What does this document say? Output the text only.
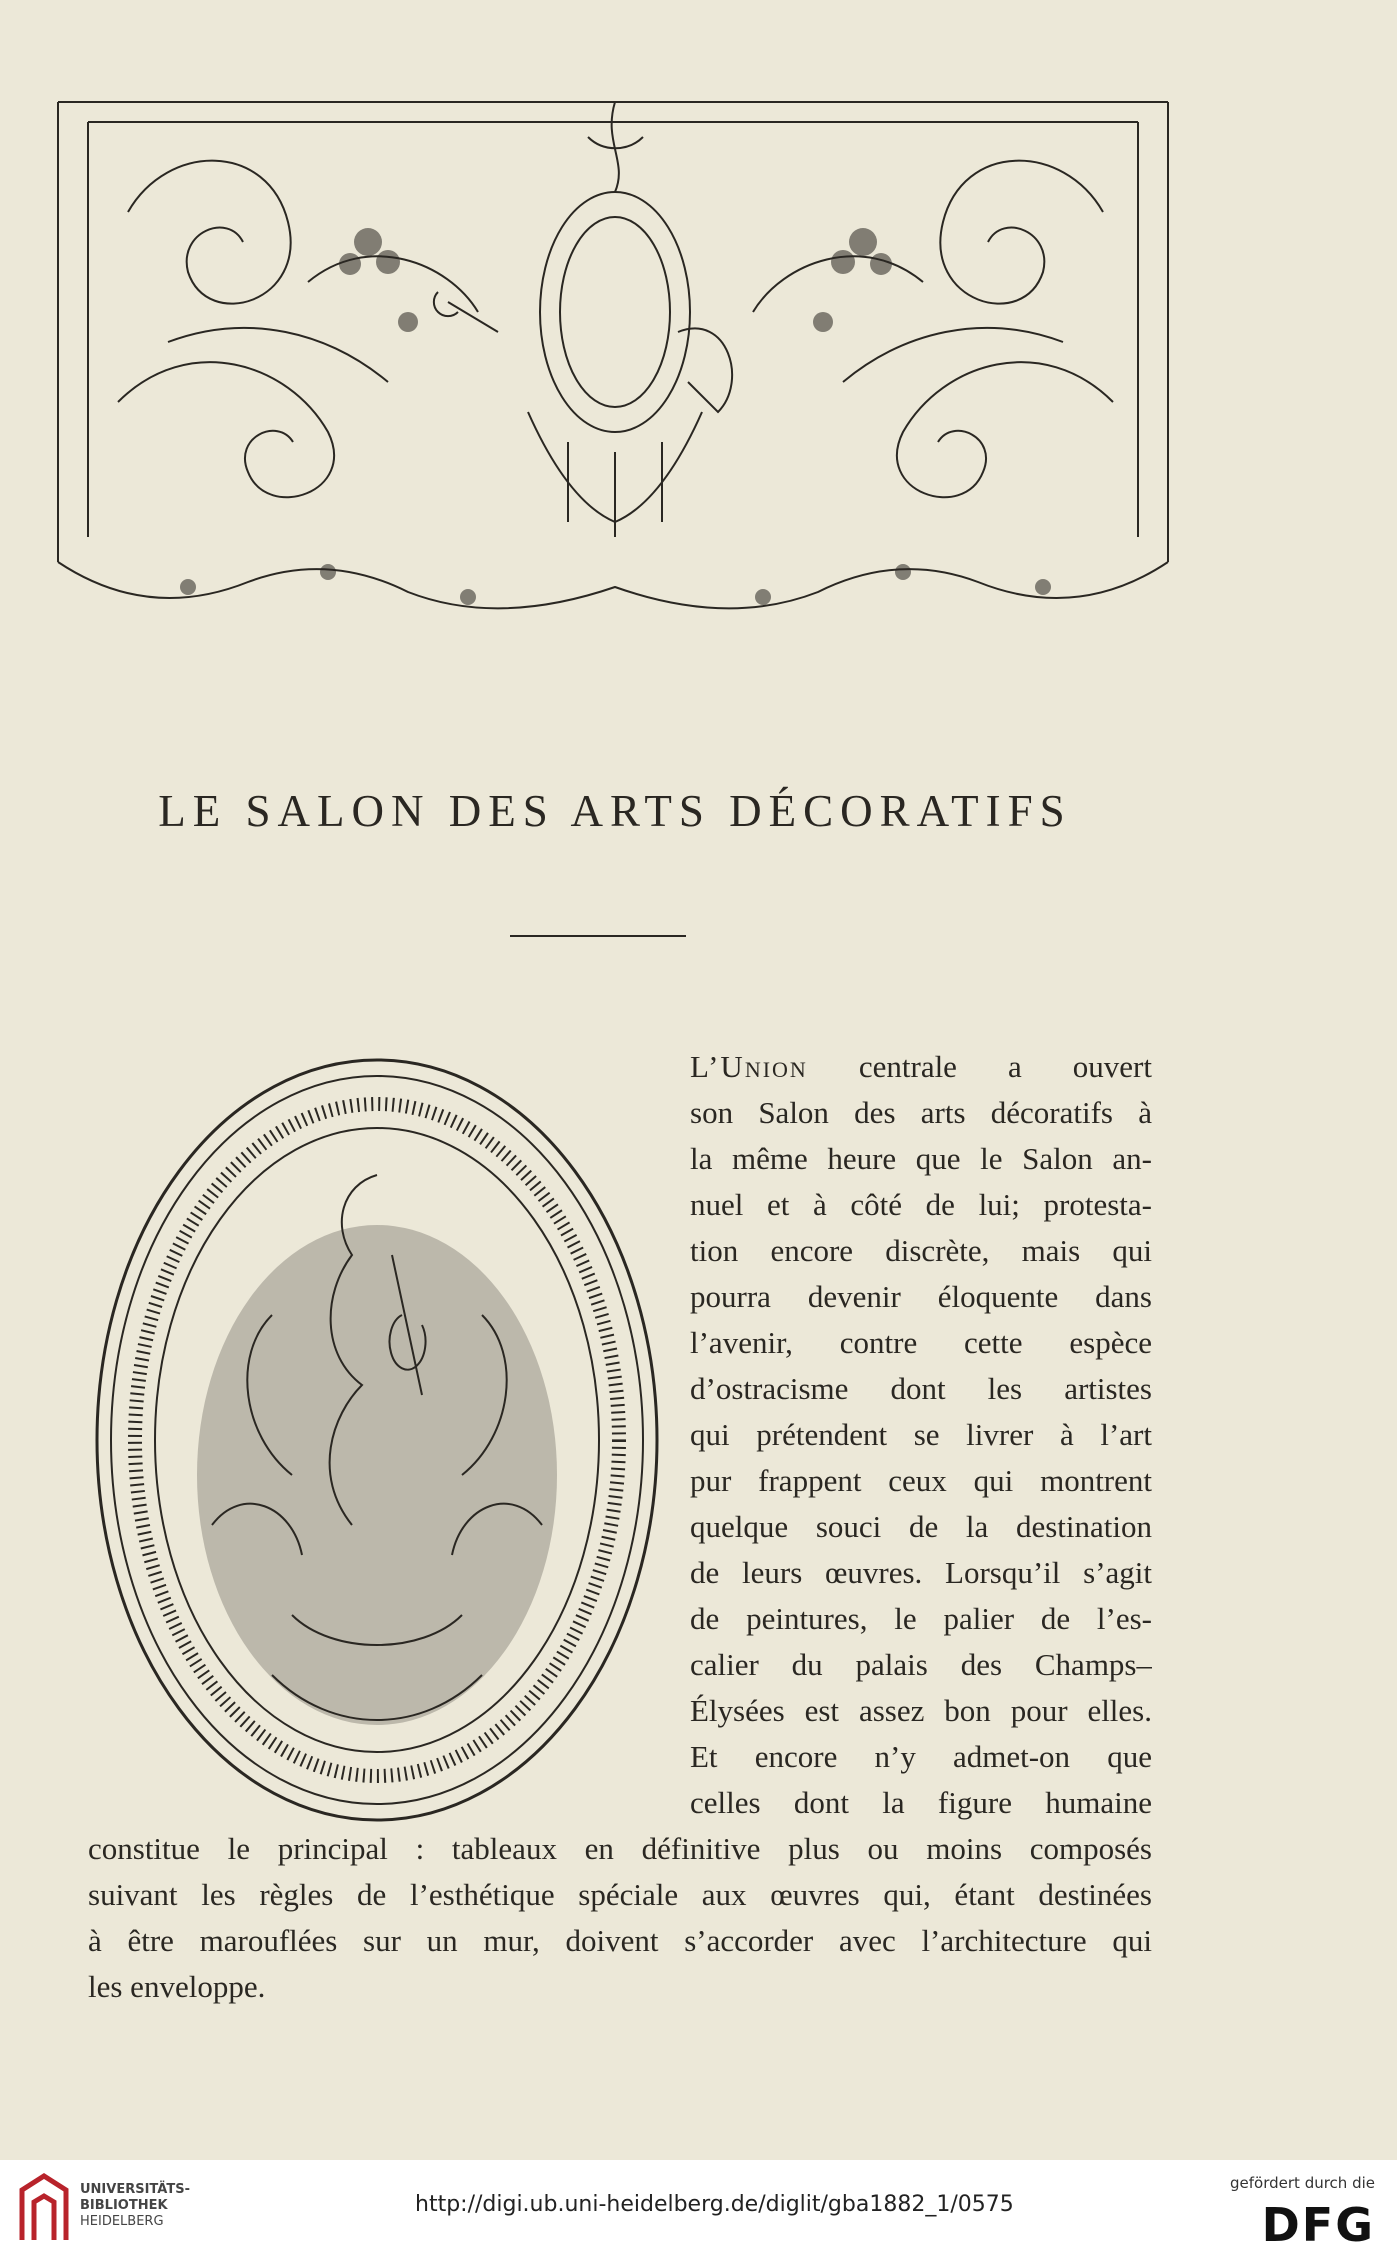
LE SALON DES ARTS DÉCORATIFS
L’Union centrale a ouvert
son Salon des arts décoratifs à
la même heure que le Salon an-
nuel et à côté de lui; protesta-
tion encore discrète, mais qui
pourra devenir éloquente dans
l’avenir, contre cette espèce
d’ostracisme dont les artistes
qui prétendent se livrer à l’art
pur frappent ceux qui montrent
quelque souci de la destination
de leurs œuvres. Lorsqu’il s’agit
de peintures, le palier de l’es-
calier du palais des Champs–
Élysées est assez bon pour elles.
Et encore n’y admet-on que
celles dont la figure humaine
constitue le principal : tableaux en définitive plus ou moins composés
suivant les règles de l’esthétique spéciale aux œuvres qui, étant destinées
à être marouflées sur un mur, doivent s’accorder avec l’architecture qui
les enveloppe.
UNIVERSITÄTS-
BIBLIOTHEK
HEIDELBERG
http://digi.ub.uni-heidelberg.de/diglit/gba1882_1/0575
gefördert durch die
DFG
